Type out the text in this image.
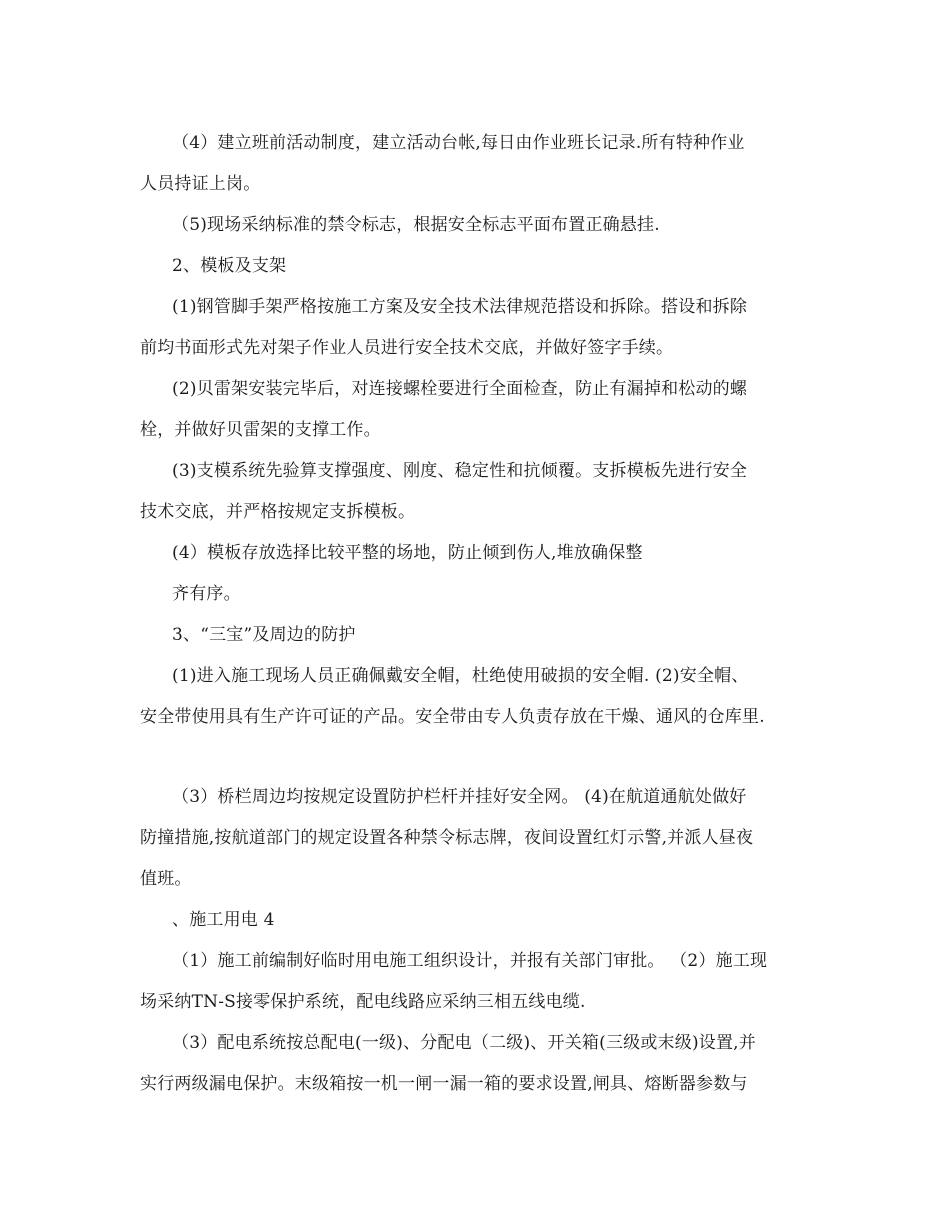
（4）建立班前活动制度，建立活动台帐,每日由作业班长记录.所有特种作业
人员持证上岗。
（5)现场采纳标准的禁令标志，根据安全标志平面布置正确悬挂.
2、模板及支架
(1)钢管脚手架严格按施工方案及安全技术法律规范搭设和拆除。搭设和拆除
前均书面形式先对架子作业人员进行安全技术交底，并做好签字手续。
(2)贝雷架安装完毕后，对连接螺栓要进行全面检查，防止有漏掉和松动的螺
栓，并做好贝雷架的支撑工作。
(3)支模系统先验算支撑强度、刚度、稳定性和抗倾覆。支拆模板先进行安全
技术交底，并严格按规定支拆模板。
(4）模板存放选择比较平整的场地，防止倾到伤人,堆放确保整
齐有序。
3、“三宝”及周边的防护
(1)进入施工现场人员正确佩戴安全帽，杜绝使用破损的安全帽. (2)安全帽、
安全带使用具有生产许可证的产品。安全带由专人负责存放在干燥、通风的仓库里.
（3）桥栏周边均按规定设置防护栏杆并挂好安全网。 (4)在航道通航处做好
防撞措施,按航道部门的规定设置各种禁令标志牌，夜间设置红灯示警,并派人昼夜
值班。
、施工用电 4
（1）施工前编制好临时用电施工组织设计，并报有关部门审批。 （2）施工现
场采纳TN-S接零保护系统，配电线路应采纳三相五线电缆.
（3）配电系统按总配电(一级)、分配电（二级)、开关箱(三级或末级)设置,并
实行两级漏电保护。末级箱按一机一闸一漏一箱的要求设置,闸具、熔断器参数与
